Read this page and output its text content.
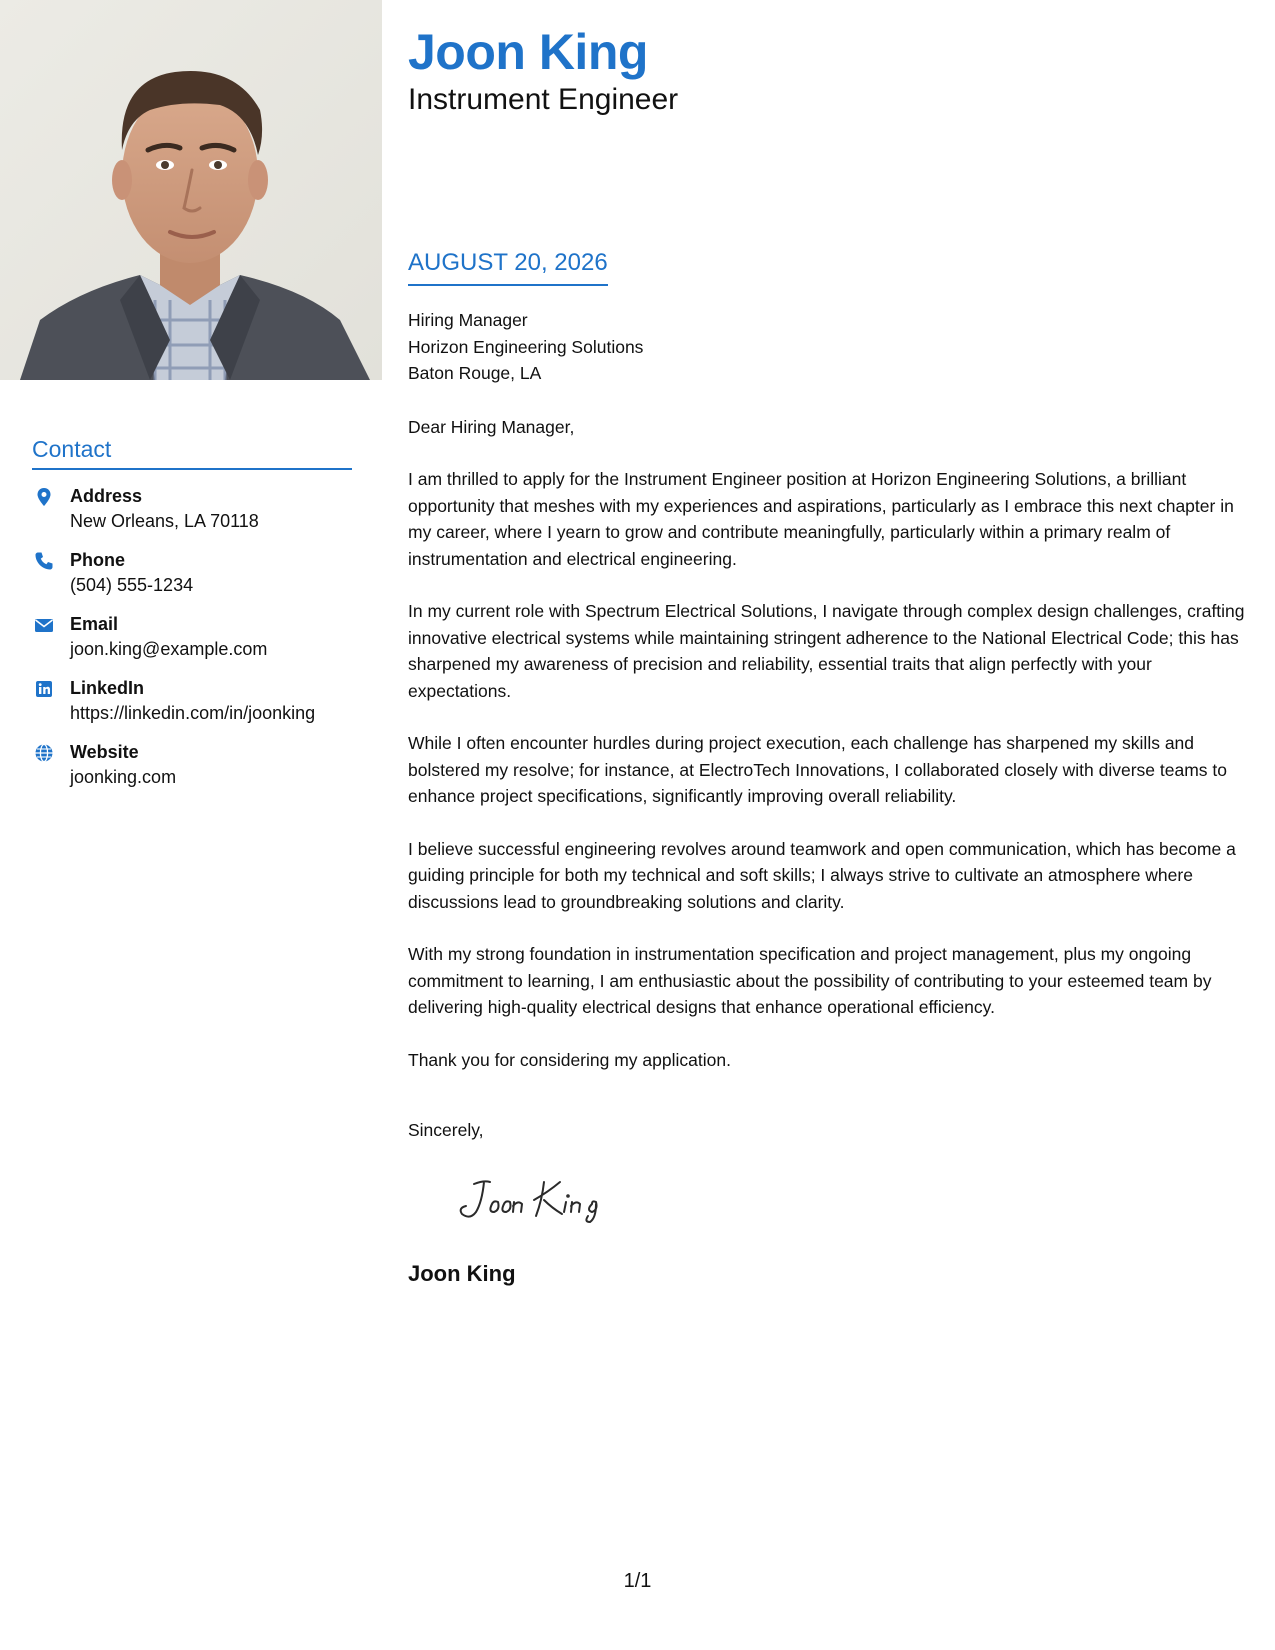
Contact
Address
New Orleans, LA 70118
Phone
(504) 555-1234
Email
joon.king@example.com
LinkedIn
https://linkedin.com/in/joonking
Website
joonking.com
Joon King

Instrument Engineer

AUGUST 20, 2026

Hiring Manager

Horizon Engineering Solutions

Baton Rouge, LA

Dear Hiring Manager,

I am thrilled to apply for the Instrument Engineer position at Horizon Engineering Solutions, a brilliant opportunity that meshes with my experiences and aspirations, particularly as I embrace this next chapter in my career, where I yearn to grow and contribute meaningfully, particularly within a primary realm of instrumentation and electrical engineering.

In my current role with Spectrum Electrical Solutions, I navigate through complex design challenges, crafting innovative electrical systems while maintaining stringent adherence to the National Electrical Code; this has sharpened my awareness of precision and reliability, essential traits that align perfectly with your expectations.

While I often encounter hurdles during project execution, each challenge has sharpened my skills and bolstered my resolve; for instance, at ElectroTech Innovations, I collaborated closely with diverse teams to enhance project specifications, significantly improving overall reliability.

I believe successful engineering revolves around teamwork and open communication, which has become a guiding principle for both my technical and soft skills; I always strive to cultivate an atmosphere where discussions lead to groundbreaking solutions and clarity.

With my strong foundation in instrumentation specification and project management, plus my ongoing commitment to learning, I am enthusiastic about the possibility of contributing to your esteemed team by delivering high-quality electrical designs that enhance operational efficiency.

Thank you for considering my application.

Sincerely,

Joon King

1/1
